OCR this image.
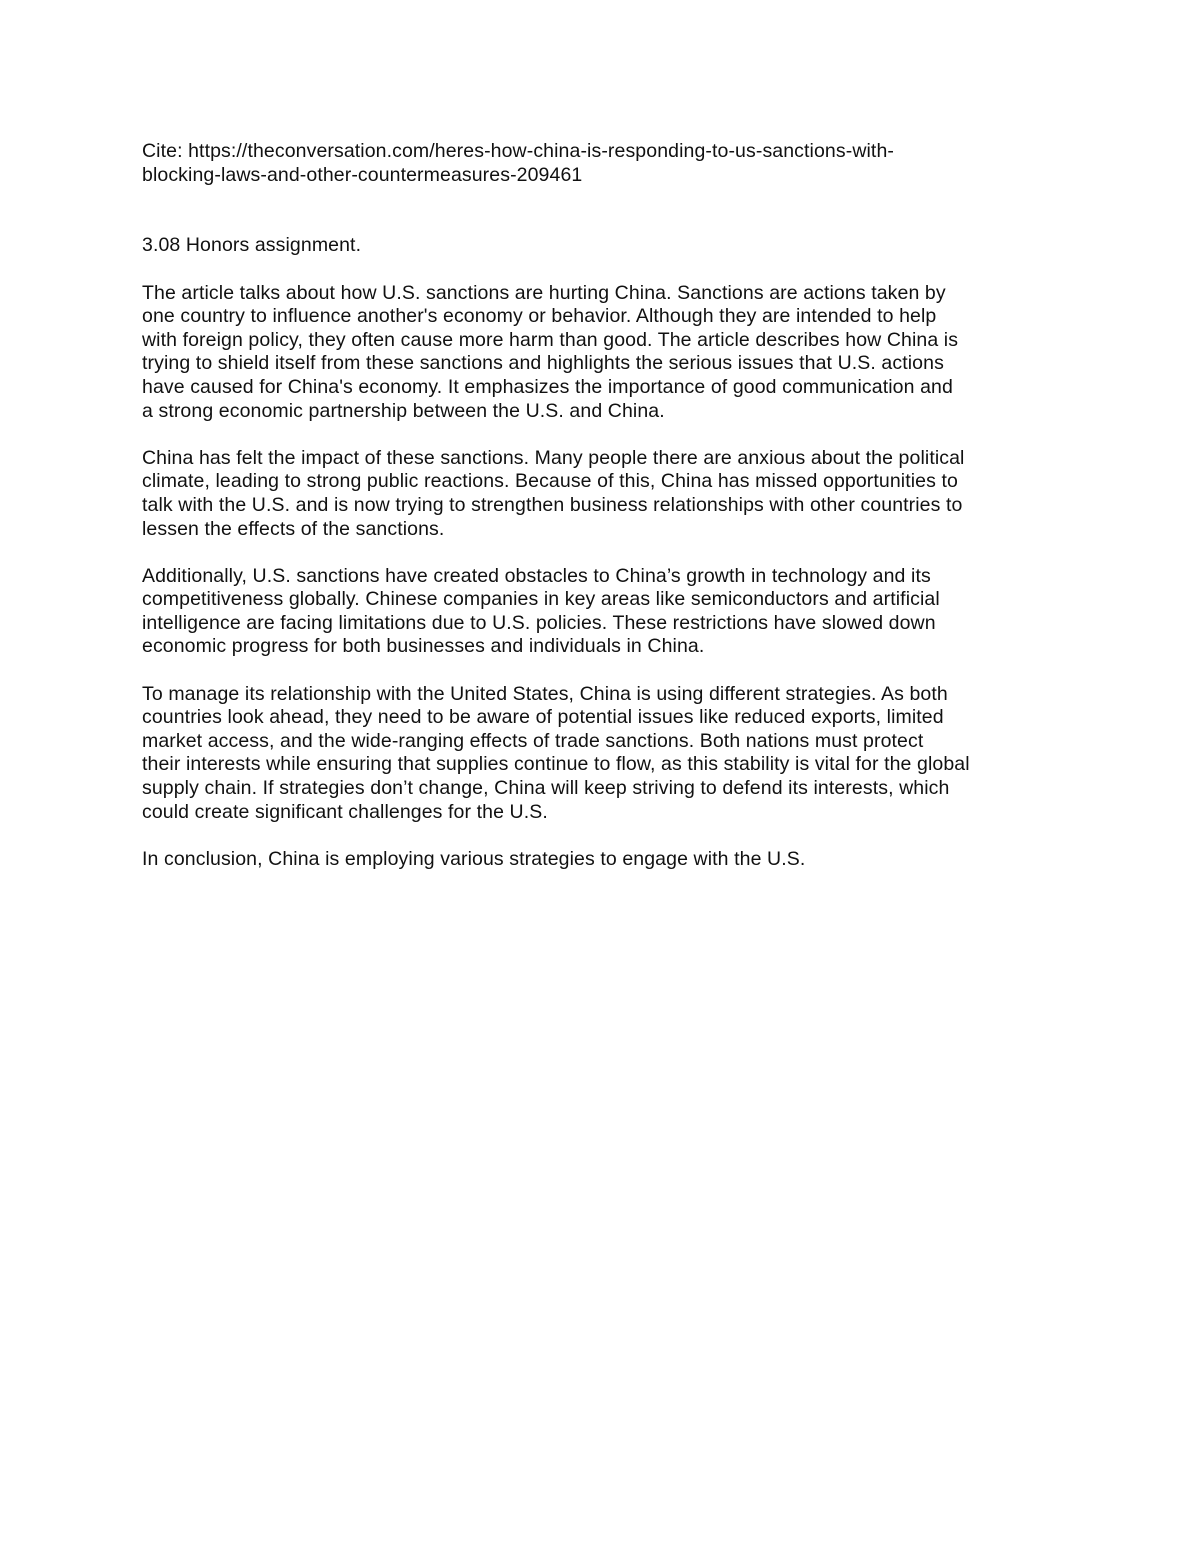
Cite: https://theconversation.com/heres-how-china-is-responding-to-us-sanctions-with-
blocking-laws-and-other-countermeasures-209461
3.08 Honors assignment.
The article talks about how U.S. sanctions are hurting China. Sanctions are actions taken by
one country to influence another's economy or behavior. Although they are intended to help
with foreign policy, they often cause more harm than good. The article describes how China is
trying to shield itself from these sanctions and highlights the serious issues that U.S. actions
have caused for China's economy. It emphasizes the importance of good communication and
a strong economic partnership between the U.S. and China.
China has felt the impact of these sanctions. Many people there are anxious about the political
climate, leading to strong public reactions. Because of this, China has missed opportunities to
talk with the U.S. and is now trying to strengthen business relationships with other countries to
lessen the effects of the sanctions.
Additionally, U.S. sanctions have created obstacles to China’s growth in technology and its
competitiveness globally. Chinese companies in key areas like semiconductors and artificial
intelligence are facing limitations due to U.S. policies. These restrictions have slowed down
economic progress for both businesses and individuals in China.
To manage its relationship with the United States, China is using different strategies. As both
countries look ahead, they need to be aware of potential issues like reduced exports, limited
market access, and the wide-ranging effects of trade sanctions. Both nations must protect
their interests while ensuring that supplies continue to flow, as this stability is vital for the global
supply chain. If strategies don’t change, China will keep striving to defend its interests, which
could create significant challenges for the U.S.
In conclusion, China is employing various strategies to engage with the U.S.
